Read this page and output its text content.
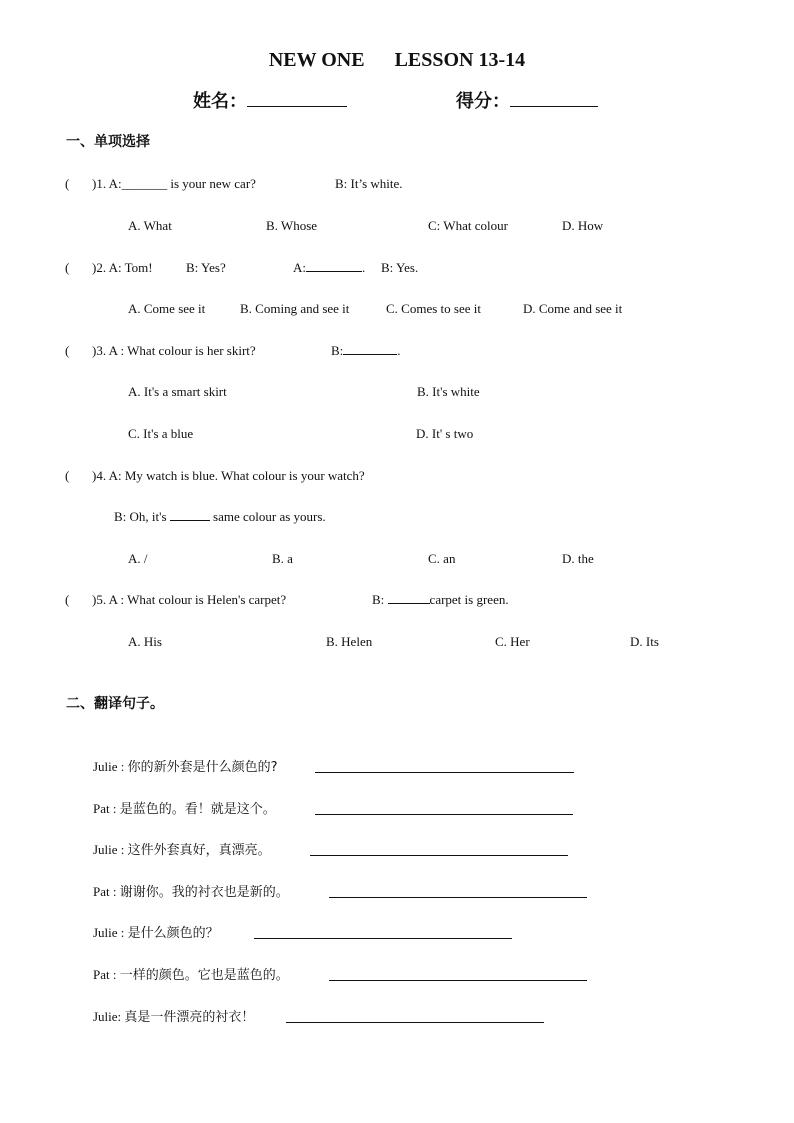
NEW ONE      LESSON 13-14
姓名：	得分：
一、单项选择
( )1. A:_______ is your new car?	B: It’s white.
A. What	B. Whose	C: What colour	D. How
( )2. A: Tom!	B: Yes?	A:	. B: Yes.
A. Come see it	B. Coming and see it	C. Comes to see it	D. Come and see it
( )3. A : What colour is her skirt?	B:	.
A. It's a smart skirt	B. It's white
C. It's a blue	D. It' s two
( )4. A: My watch is blue. What colour is your watch?
B: Oh, it's	same colour as yours.
A. /	B. a	C. an	D. the
( )5. A : What colour is Helen's carpet?	B:	carpet is green.
A. His	B. Helen	C. Her	D. Its
二、翻译句子。
Julie : 你的新外套是什么颜色的?
Pat : 是蓝色的。看！就是这个。
Julie : 这件外套真好，真漂亮。
Pat : 谢谢你。我的衬衣也是新的。
Julie : 是什么颜色的？
Pat : 一样的颜色。它也是蓝色的。
Julie: 真是一件漂亮的衬衣！
